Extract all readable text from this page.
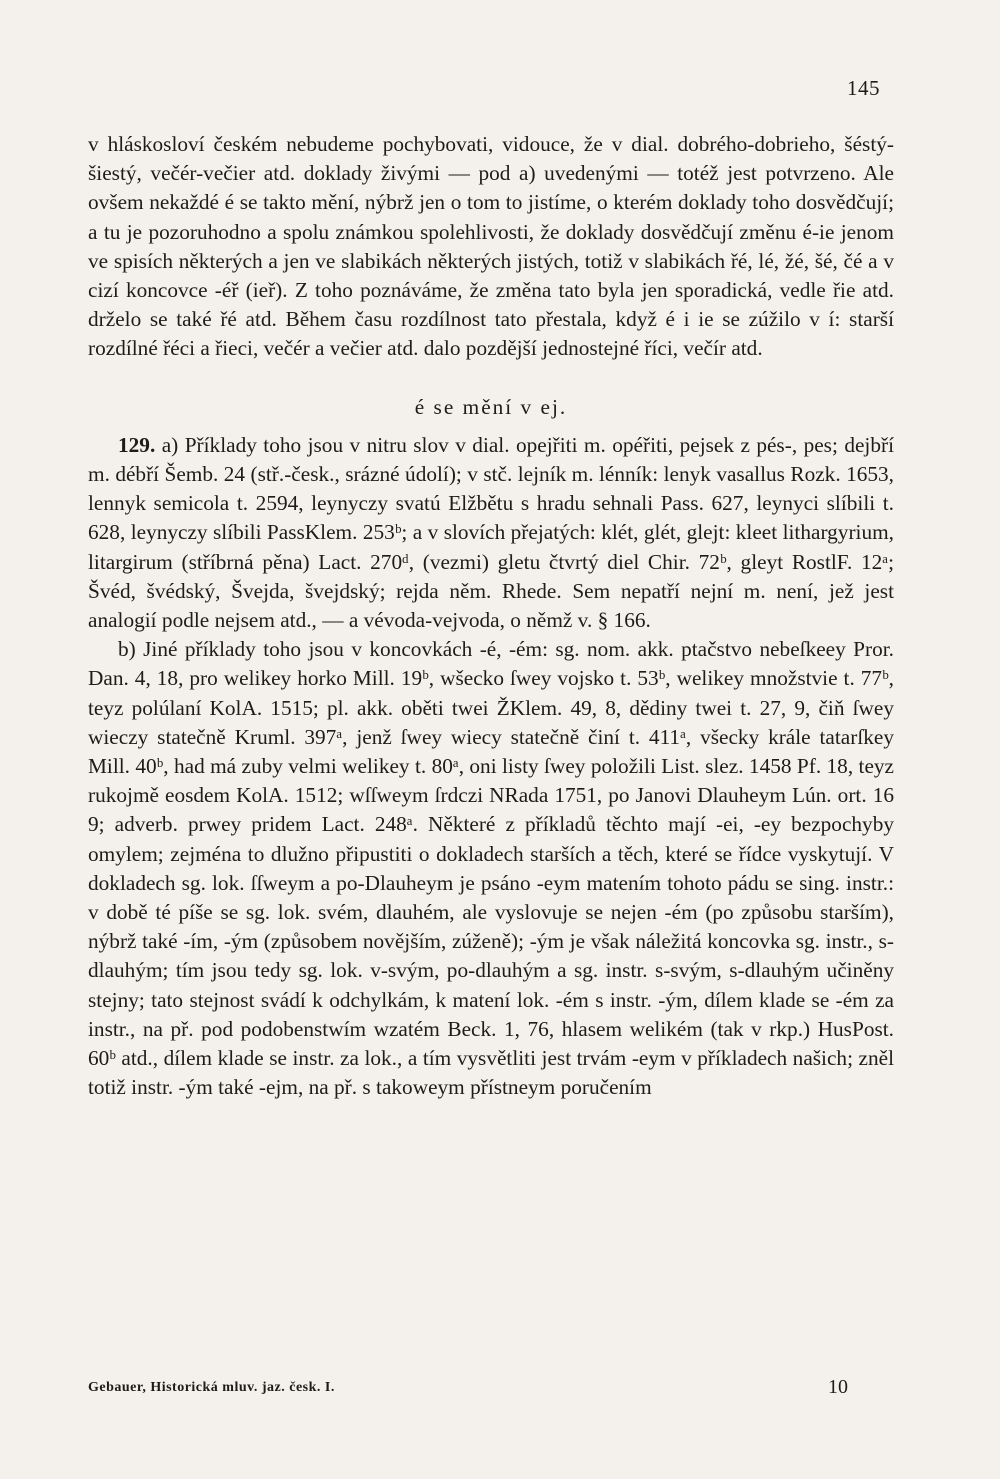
145

v hláskosloví českém nebudeme pochybovati, vidouce, že v dial. dobrého-dobrieho, šéstý-šiestý, večér-večier atd. doklady živými — pod a) uvedenými — totéž jest potvrzeno. Ale ovšem nekaždé é se takto mění, nýbrž jen o tom to jistíme, o kterém doklady toho dosvědčují; a tu je pozoruhodno a spolu známkou spolehlivosti, že doklady dosvědčují změnu é-ie jenom ve spisích některých a jen ve slabikách některých jistých, totiž v slabikách řé, lé, žé, šé, čé a v cizí koncovce -éř (ieř). Z toho poznáváme, že změna tato byla jen sporadická, vedle řie atd. drželo se také řé atd. Během času rozdílnost tato přestala, když é i ie se zúžilo v í: starší rozdílné řéci a řieci, večér a večier atd. dalo pozdější jednostejné říci, večír atd.

é se mění v ej.

129. a) Příklady toho jsou v nitru slov v dial. opejřiti m. opéřiti, pejsek z pés-, pes; dejbří m. débří Šemb. 24 (stř.-česk., srázné údolí); v stč. lejník m. lénník: lenyk vasallus Rozk. 1653, lennyk semicola t. 2594, leynyczy svatú Elžbětu s hradu sehnali Pass. 627, leynyci slíbili t. 628, leynyczy slíbili PassKlem. 253ᵇ; a v slovích přejatých: klét, glét, glejt: kleet lithargyrium, litargirum (stříbrná pěna) Lact. 270ᵈ, (vezmi) gletu čtvrtý diel Chir. 72ᵇ, gleyt RostlF. 12ᵃ; Švéd, švédský, Švejda, švejdský; rejda něm. Rhede. Sem nepatří nejní m. není, jež jest analogií podle nejsem atd., — a vévoda-vejvoda, o němž v. § 166.

b) Jiné příklady toho jsou v koncovkách -é, -ém: sg. nom. akk. ptačstvo nebeſkeey Pror. Dan. 4, 18, pro welikey horko Mill. 19ᵇ, wšecko ſwey vojsko t. 53ᵇ, welikey množstvie t. 77ᵇ, teyz polúlaní KolA. 1515; pl. akk. oběti twei ŽKlem. 49, 8, dědiny twei t. 27, 9, čiň ſwey wieczy statečně Kruml. 397ᵃ, jenž ſwey wiecy statečně činí t. 411ᵃ, všecky krále tatarſkey Mill. 40ᵇ, had má zuby velmi welikey t. 80ᵃ, oni listy ſwey položili List. slez. 1458 Pf. 18, teyz rukojmě eosdem KolA. 1512; wſſweym ſrdczi NRada 1751, po Janovi Dlauheym Lún. ort. 16 9; adverb. prwey pridem Lact. 248ᵃ. Některé z příkladů těchto mají -ei, -ey bezpochyby omylem; zejména to dlužno připustiti o dokladech starších a těch, které se řídce vyskytují. V dokladech sg. lok. ſſweym a po-Dlauheym je psáno -eym matením tohoto pádu se sing. instr.: v době té píše se sg. lok. svém, dlauhém, ale vyslovuje se nejen -ém (po způsobu starším), nýbrž také -ím, -ým (způsobem novějším, zúženě); -ým je však náležitá koncovka sg. instr., s-dlauhým; tím jsou tedy sg. lok. v-svým, po-dlauhým a sg. instr. s-svým, s-dlauhým učiněny stejny; tato stejnost svádí k odchylkám, k matení lok. -ém s instr. -ým, dílem klade se -ém za instr., na př. pod podobenstwím wzatém Beck. 1, 76, hlasem welikém (tak v rkp.) HusPost. 60ᵇ atd., dílem klade se instr. za lok., a tím vysvětliti jest trvám -eym v příkladech našich; zněl totiž instr. -ým také -ejm, na př. s takoweym přístneym poručením

Gebauer, Historická mluv. jaz. česk. I.	10
